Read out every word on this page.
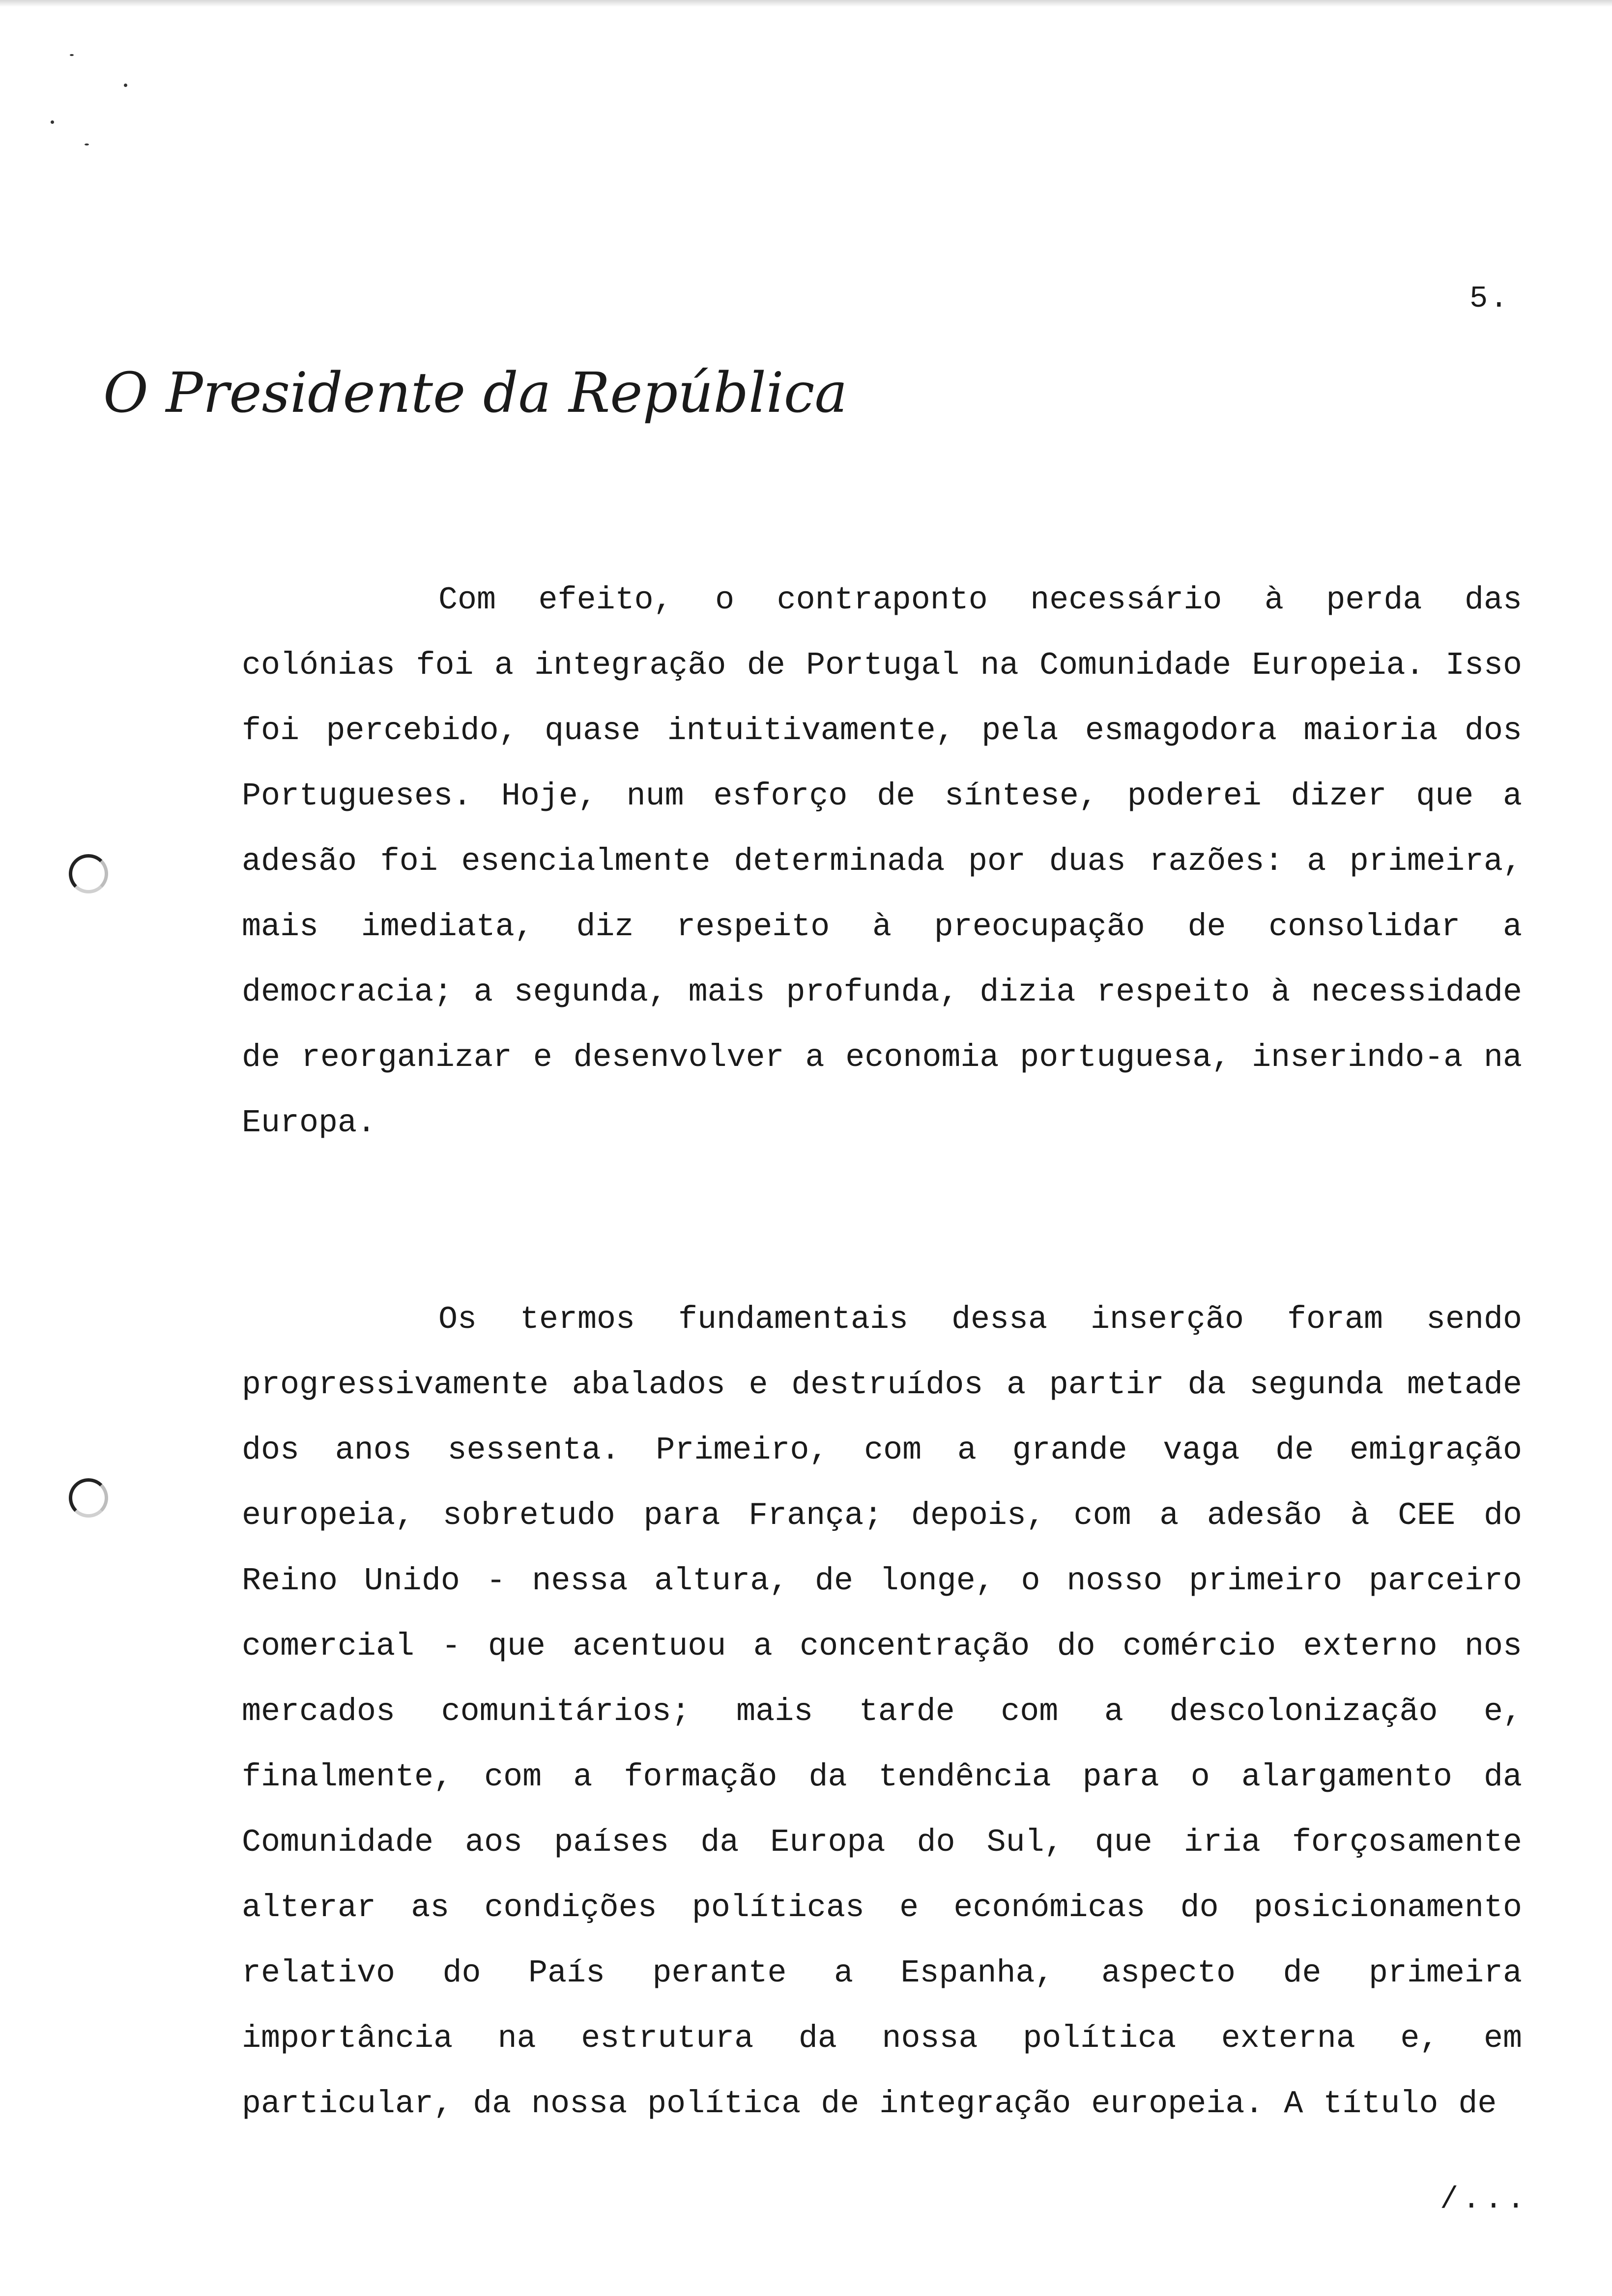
5.
O Presidente da República

Com efeito, o contraponto necessário à perda das colónias foi a integração de Portugal na Comunidade Europeia. Isso foi percebido, quase intuitivamente, pela esmagodora maioria dos Portugueses. Hoje, num esforço de síntese, poderei dizer que a adesão foi esencialmente determinada por duas razões: a primeira, mais imediata, diz respeito à preocupação de consolidar a democracia; a segunda, mais profunda, dizia respeito à necessidade de reorganizar e desenvolver a economia portuguesa, inserindo-a na Europa.

Os termos fundamentais dessa inserção foram sendo progressivamente abalados e destruídos a partir da segunda metade dos anos sessenta. Primeiro, com a grande vaga de emigração europeia, sobretudo para França; depois, com a adesão à CEE do Reino Unido - nessa altura, de longe, o nosso primeiro parceiro comercial - que acentuou a concentração do comércio externo nos mercados comunitários; mais tarde com a descolonização e, finalmente, com a formação da tendência para o alargamento da Comunidade aos países da Europa do Sul, que iria forçosamente alterar as condições políticas e económicas do posicionamento relativo do País perante a Espanha, aspecto de primeira importância na estrutura da nossa política externa e, em particular, da nossa política de integração europeia. A título de

/...
